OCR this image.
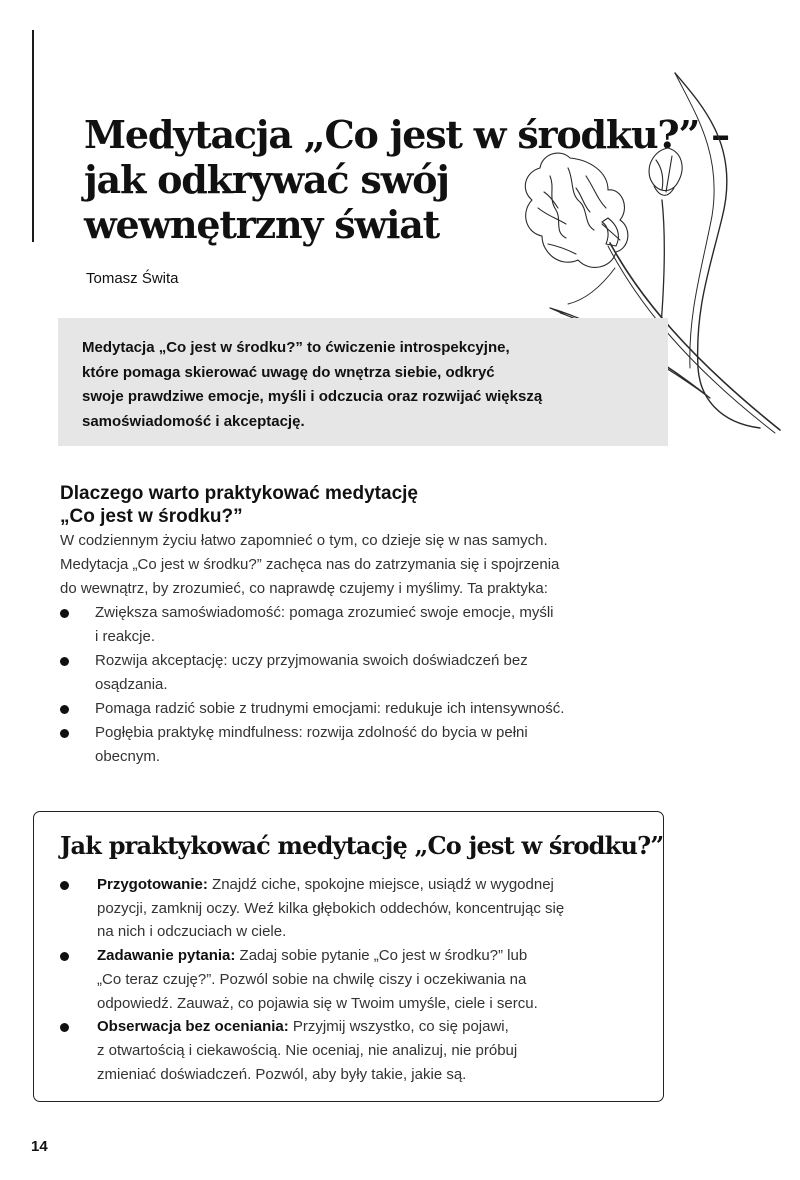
Medytacja „Co jest w środku?” –
jak odkrywać swój
wewnętrzny świat
Tomasz Świta

Medytacja „Co jest w środku?” to ćwiczenie introspekcyjne,
które pomaga skierować uwagę do wnętrza siebie, odkryć
swoje prawdziwe emocje, myśli i odczucia oraz rozwijać większą
samoświadomość i akceptację.

Dlaczego warto praktykować medytację
„Co jest w środku?”

W codziennym życiu łatwo zapomnieć o tym, co dzieje się w nas samych.
Medytacja „Co jest w środku?” zachęca nas do zatrzymania się i spojrzenia
do wewnątrz, by zrozumieć, co naprawdę czujemy i myślimy. Ta praktyka:

Zwiększa samoświadomość: pomaga zrozumieć swoje emocje, myśli
i reakcje.
Rozwija akceptację: uczy przyjmowania swoich doświadczeń bez
osądzania.
Pomaga radzić sobie z trudnymi emocjami: redukuje ich intensywność.
Pogłębia praktykę mindfulness: rozwija zdolność do bycia w pełni
obecnym.
Jak praktykować medytację „Co jest w środku?”
Przygotowanie: Znajdź ciche, spokojne miejsce, usiądź w wygodnej
pozycji, zamknij oczy. Weź kilka głębokich oddechów, koncentrując się
na nich i odczuciach w ciele.
Zadawanie pytania: Zadaj sobie pytanie „Co jest w środku?” lub
„Co teraz czuję?”. Pozwól sobie na chwilę ciszy i oczekiwania na
odpowiedź. Zauważ, co pojawia się w Twoim umyśle, ciele i sercu.
Obserwacja bez oceniania: Przyjmij wszystko, co się pojawi,
z otwartością i ciekawością. Nie oceniaj, nie analizuj, nie próbuj
zmieniać doświadczeń. Pozwól, aby były takie, jakie są.
14
